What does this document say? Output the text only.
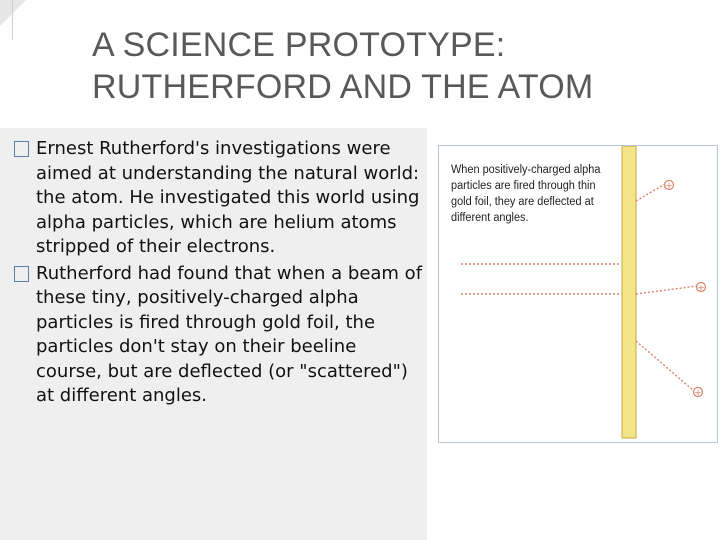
A SCIENCE PROTOTYPE:
RUTHERFORD AND THE ATOM
Ernest Rutherford's investigations were aimed at understanding the natural world: the atom. He investigated this world using alpha particles, which are helium atoms stripped of their electrons.
Rutherford had found that when a beam of these tiny, positively-charged alpha particles is fired through gold foil, the particles don't stay on their beeline course, but are deflected (or "scattered") at different angles.
When positively-charged alpha
particles are fired through thin
gold foil, they are deflected at
different angles.
+
+
+
